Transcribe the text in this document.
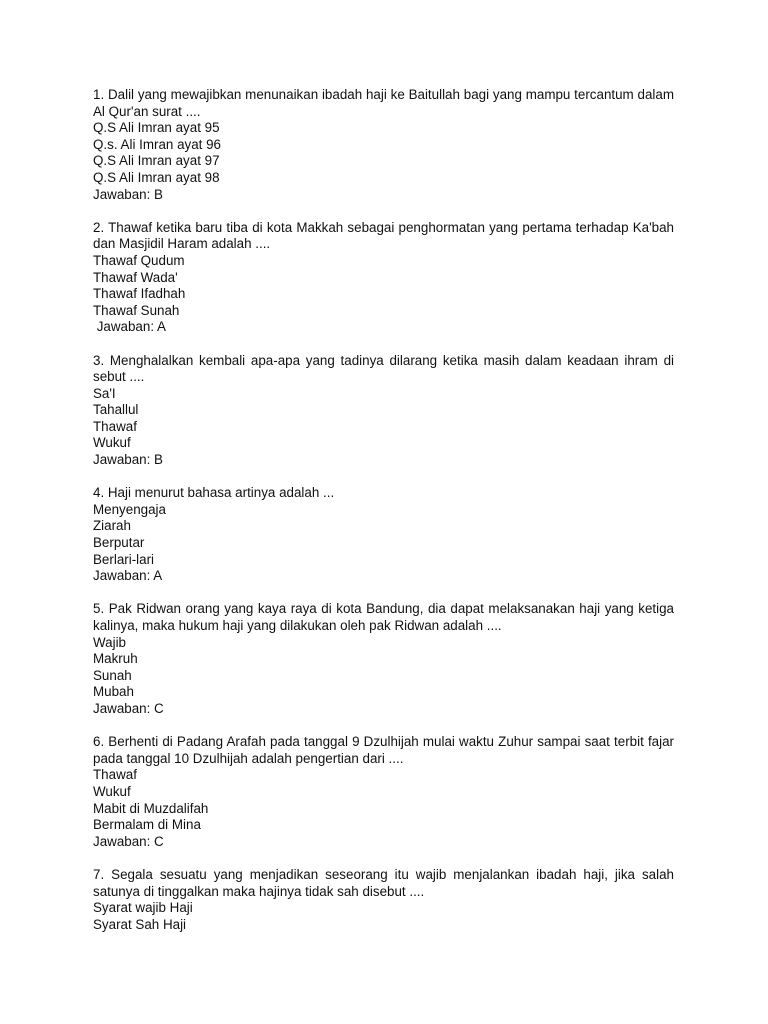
1. Dalil yang mewajibkan menunaikan ibadah haji ke Baitullah bagi yang mampu tercantum dalam Al Qur'an surat ....

Q.S Ali Imran ayat 95

Q.s. Ali Imran ayat 96

Q.S Ali Imran ayat 97

Q.S Ali Imran ayat 98

Jawaban: B

2. Thawaf ketika baru tiba di kota Makkah sebagai penghormatan yang pertama terhadap Ka'bah dan Masjidil Haram adalah ....

Thawaf Qudum

Thawaf Wada'

Thawaf Ifadhah

Thawaf Sunah

Jawaban: A

3. Menghalalkan kembali apa-apa yang tadinya dilarang ketika masih dalam keadaan ihram di sebut ....

Sa'I

Tahallul

Thawaf

Wukuf

Jawaban: B

4. Haji menurut bahasa artinya adalah ...

Menyengaja

Ziarah

Berputar

Berlari-lari

Jawaban: A

5. Pak Ridwan orang yang kaya raya di kota Bandung, dia dapat melaksanakan haji yang ketiga kalinya, maka hukum haji yang dilakukan oleh pak Ridwan adalah ....

Wajib

Makruh

Sunah

Mubah

Jawaban: C

6. Berhenti di Padang Arafah pada tanggal 9 Dzulhijah mulai waktu Zuhur sampai saat terbit fajar pada tanggal 10 Dzulhijah adalah pengertian dari ....

Thawaf

Wukuf

Mabit di Muzdalifah

Bermalam di Mina

Jawaban: C

7. Segala sesuatu yang menjadikan seseorang itu wajib menjalankan ibadah haji, jika salah satunya di tinggalkan maka hajinya tidak sah disebut ....

Syarat wajib Haji

Syarat Sah Haji
